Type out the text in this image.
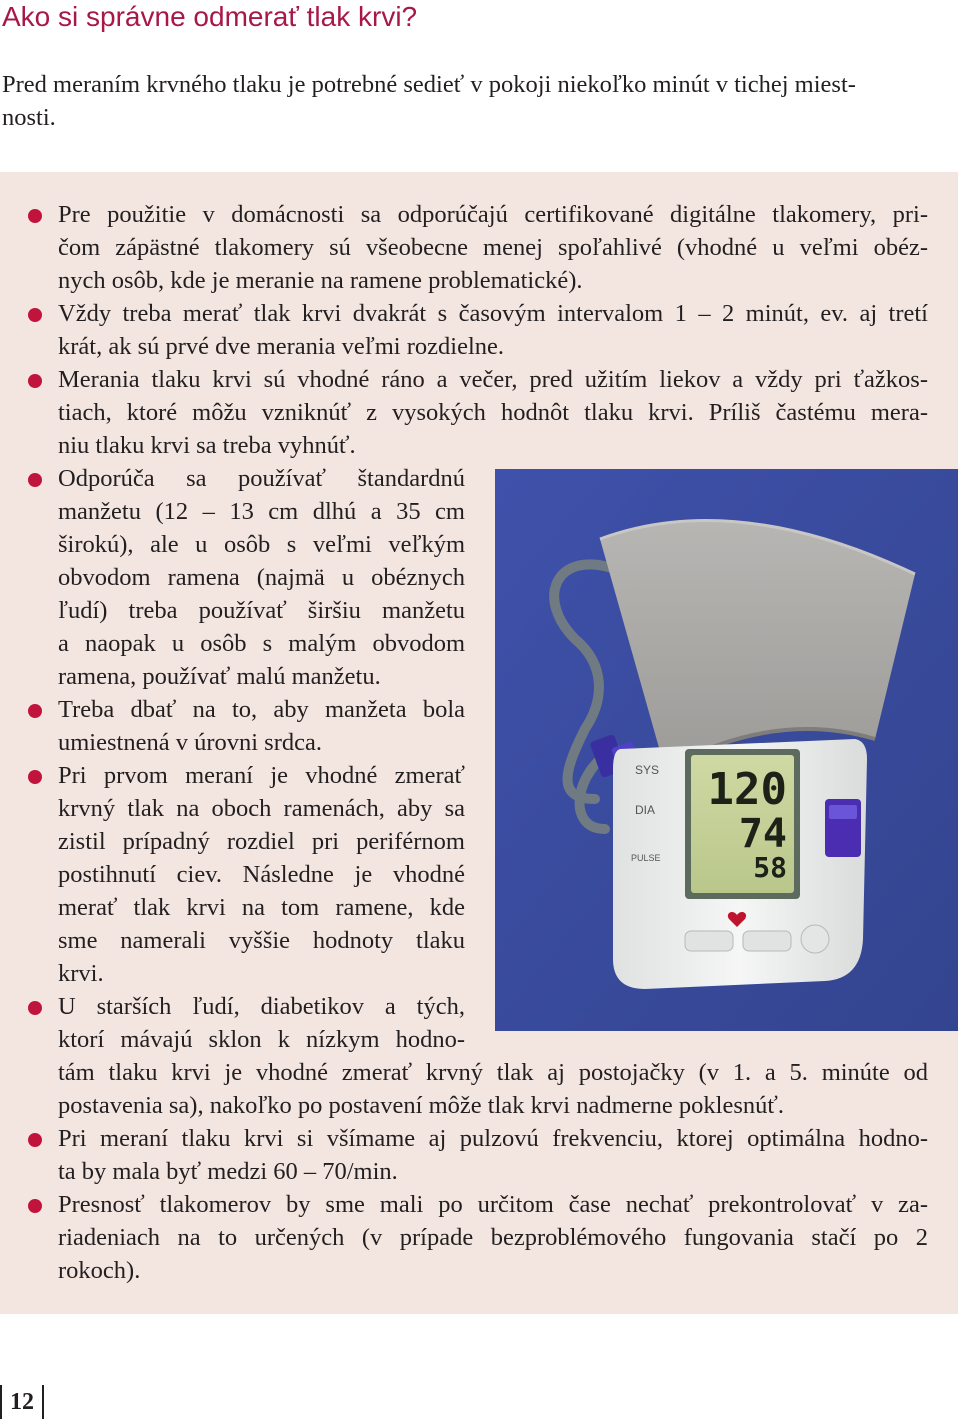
Ako si správne odmerať tlak krvi?
Pred meraním krvného tlaku je potrebné sedieť v pokoji niekoľko minút v tichej miest-
nosti.
SYS
DIA
PULSE
120
74
58
Pre použitie v domácnosti sa odporúčajú certifikované digitálne tlakomery, pri-
čom zápästné tlakomery sú všeobecne menej spoľahlivé (vhodné u veľmi obéz-
nych osôb, kde je meranie na ramene problematické).
Vždy treba merať tlak krvi dvakrát s časovým intervalom 1 – 2 minút, ev. aj tretí
krát, ak sú prvé dve merania veľmi rozdielne.
Merania tlaku krvi sú vhodné ráno a večer, pred užitím liekov a vždy pri ťažkos-
tiach, ktoré môžu vzniknúť z vysokých hodnôt tlaku krvi. Príliš častému mera-
niu tlaku krvi sa treba vyhnúť.
Odporúča sa používať štandardnú
manžetu (12 – 13 cm dlhú a 35 cm
širokú), ale u osôb s veľmi veľkým
obvodom ramena (najmä u obéznych
ľudí) treba používať širšiu manžetu
a naopak u osôb s malým obvodom
ramena, používať malú manžetu.
Treba dbať na to, aby manžeta bola
umiestnená v úrovni srdca.
Pri prvom meraní je vhodné zmerať
krvný tlak na oboch ramenách, aby sa
zistil prípadný rozdiel pri periférnom
postihnutí ciev. Následne je vhodné
merať tlak krvi na tom ramene, kde
sme namerali vyššie hodnoty tlaku
krvi.
U starších ľudí, diabetikov a tých,
ktorí mávajú sklon k nízkym hodno-
tám tlaku krvi je vhodné zmerať krvný tlak aj postojačky (v 1. a 5. minúte od
postavenia sa), nakoľko po postavení môže tlak krvi nadmerne poklesnúť.
Pri meraní tlaku krvi si všímame aj pulzovú frekvenciu, ktorej optimálna hodno-
ta by mala byť medzi 60 – 70/min.
Presnosť tlakomerov by sme mali po určitom čase nechať prekontrolovať v za-
riadeniach na to určených (v prípade bezproblémového fungovania stačí po 2
rokoch).
12
